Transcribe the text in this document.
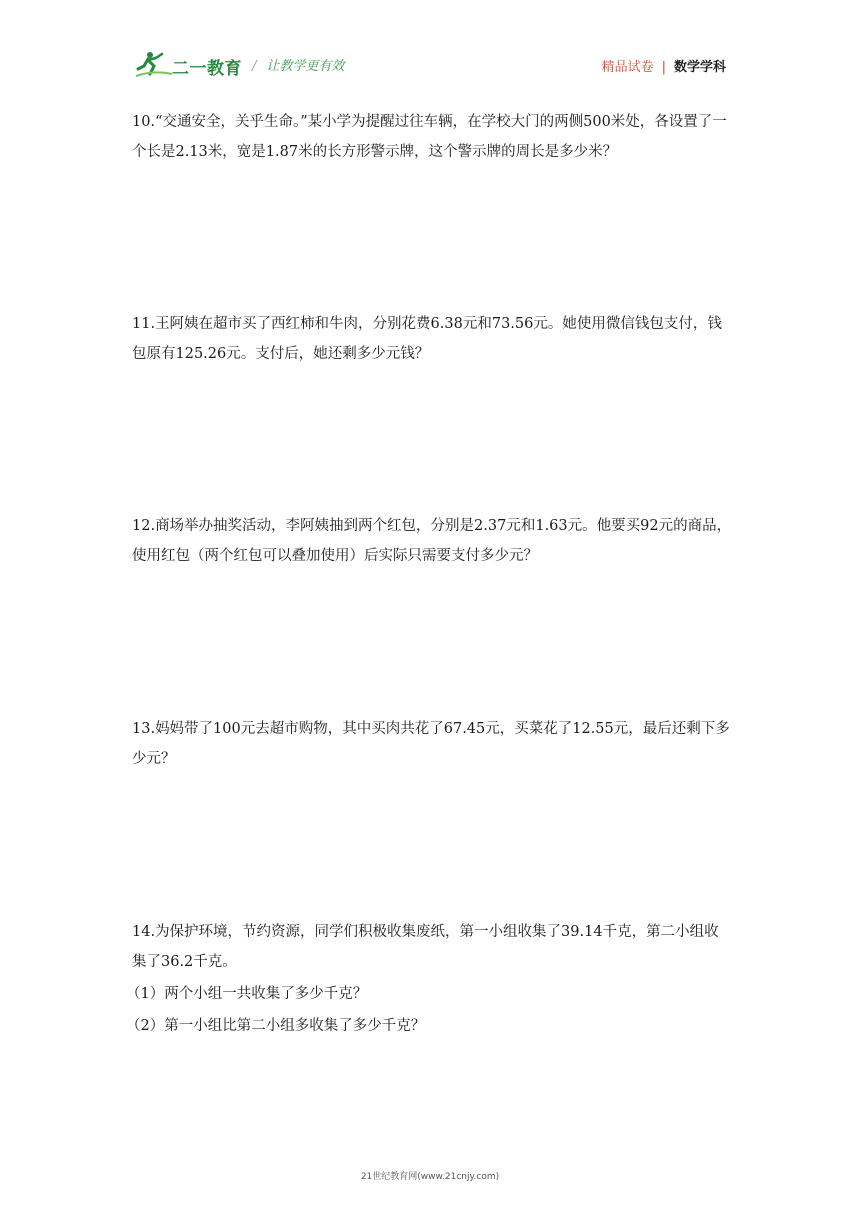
二一教育 / 让教学更有效	精品试卷 | 数学学科

10.“交通安全，关乎生命。”某小学为提醒过往车辆，在学校大门的两侧500米处，各设置了一个长是2.13米，宽是1.87米的长方形警示牌，这个警示牌的周长是多少米？

11.王阿姨在超市买了西红柿和牛肉，分别花费6.38元和73.56元。她使用微信钱包支付，钱包原有125.26元。支付后，她还剩多少元钱？

12.商场举办抽奖活动，李阿姨抽到两个红包，分别是2.37元和1.63元。他要买92元的商品，使用红包（两个红包可以叠加使用）后实际只需要支付多少元？

13.妈妈带了100元去超市购物，其中买肉共花了67.45元，买菜花了12.55元，最后还剩下多少元？

14.为保护环境，节约资源，同学们积极收集废纸，第一小组收集了39.14千克，第二小组收集了36.2千克。

（1）两个小组一共收集了多少千克？

（2）第一小组比第二小组多收集了多少千克？

21世纪教育网(www.21cnjy.com)
